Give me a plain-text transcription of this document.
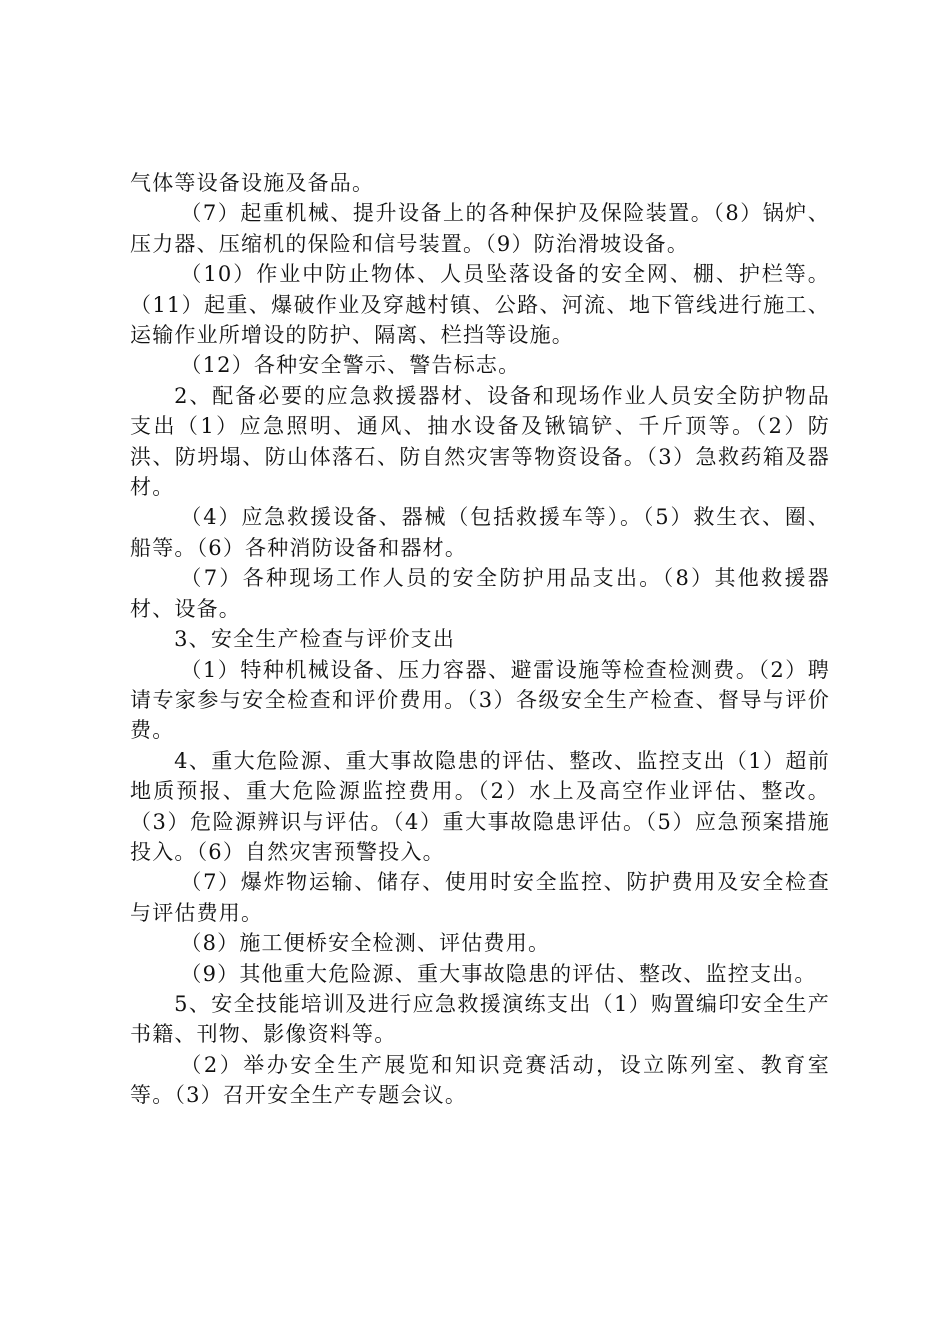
气体等设备设施及备品。

（7）起重机械、提升设备上的各种保护及保险装置。（8）锅炉、压力器、压缩机的保险和信号装置。（9）防治滑坡设备。

（10）作业中防止物体、人员坠落设备的安全网、棚、护栏等。（11）起重、爆破作业及穿越村镇、公路、河流、地下管线进行施工、运输作业所增设的防护、隔离、栏挡等设施。

（12）各种安全警示、警告标志。

2、配备必要的应急救援器材、设备和现场作业人员安全防护物品支出（1）应急照明、通风、抽水设备及锹镐铲、千斤顶等。（2）防洪、防坍塌、防山体落石、防自然灾害等物资设备。（3）急救药箱及器材。

（4）应急救援设备、器械（包括救援车等）。（5）救生衣、圈、船等。（6）各种消防设备和器材。

（7）各种现场工作人员的安全防护用品支出。（8）其他救援器材、设备。

3、安全生产检查与评价支出

（1）特种机械设备、压力容器、避雷设施等检查检测费。（2）聘请专家参与安全检查和评价费用。（3）各级安全生产检查、督导与评价费。

4、重大危险源、重大事故隐患的评估、整改、监控支出（1）超前地质预报、重大危险源监控费用。（2）水上及高空作业评估、整改。（3）危险源辨识与评估。（4）重大事故隐患评估。（5）应急预案措施投入。（6）自然灾害预警投入。

（7）爆炸物运输、储存、使用时安全监控、防护费用及安全检查与评估费用。

（8）施工便桥安全检测、评估费用。

（9）其他重大危险源、重大事故隐患的评估、整改、监控支出。

5、安全技能培训及进行应急救援演练支出（1）购置编印安全生产书籍、刊物、影像资料等。

（2）举办安全生产展览和知识竞赛活动，设立陈列室、教育室等。（3）召开安全生产专题会议。
